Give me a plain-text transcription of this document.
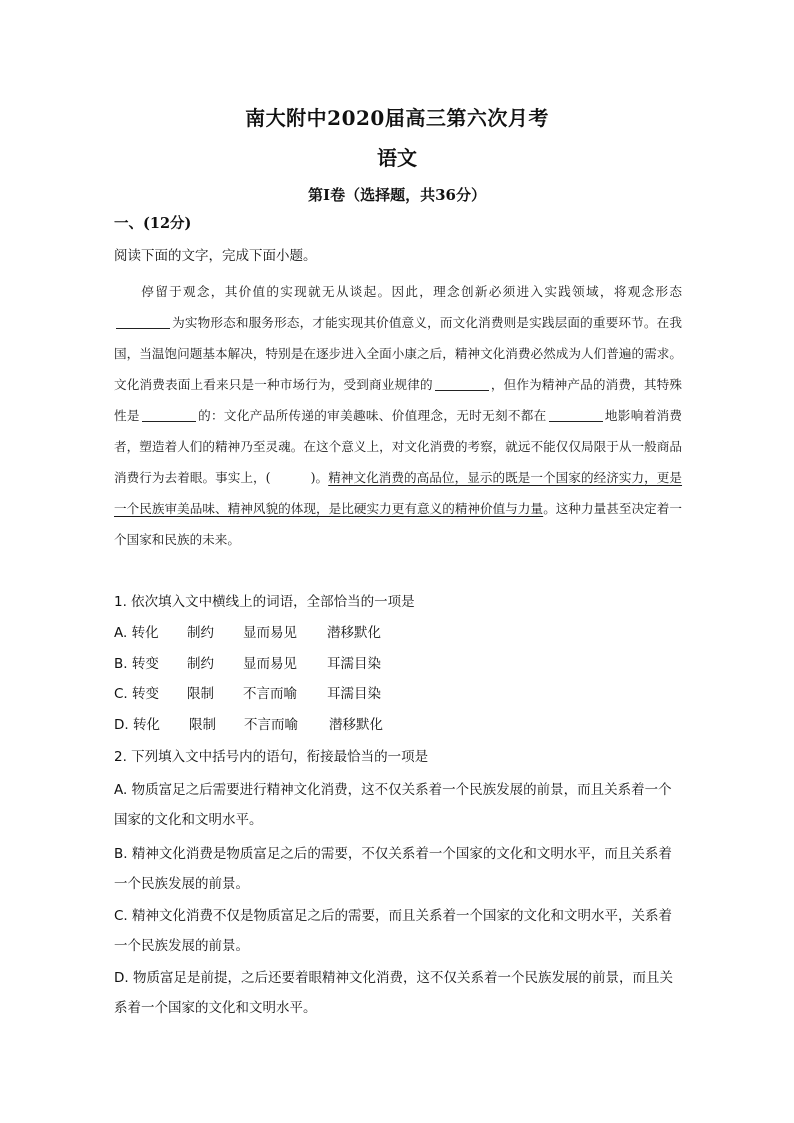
南大附中2020届高三第六次月考
语文
第Ⅰ卷（选择题，共36分）
一、(12分)
阅读下面的文字，完成下面小题。
停留于观念，其价值的实现就无从谈起。因此，理念创新必须进入实践领域，将观念形态为实物形态和服务形态，才能实现其价值意义，而文化消费则是实践层面的重要环节。在我国，当温饱问题基本解决，特别是在逐步进入全面小康之后，精神文化消费必然成为人们普遍的需求。文化消费表面上看来只是一种市场行为，受到商业规律的	，但作为精神产品的消费，其特殊性是	的：文化产品所传递的审美趣味、价值理念，无时无刻不都在	地影响着消费者，塑造着人们的精神乃至灵魂。在这个意义上，对文化消费的考察，就远不能仅仅局限于从一般商品消费行为去着眼。事实上，(	)。精神文化消费的高品位，显示的既是一个国家的经济实力，更是一个民族审美品味、精神风貌的体现，是比硬实力更有意义的精神价值与力量。这种力量甚至决定着一个国家和民族的未来。
1. 依次填入文中横线上的词语，全部恰当的一项是
A. 转化 制约 显而易见 潜移默化
B. 转变 制约 显而易见 耳濡目染
C. 转变 限制 不言而喻 耳濡目染
D. 转化 限制 不言而喻 潜移默化
2. 下列填入文中括号内的语句，衔接最恰当的一项是
A. 物质富足之后需要进行精神文化消费，这不仅关系着一个民族发展的前景，而且关系着一个国家的文化和文明水平。
B. 精神文化消费是物质富足之后的需要，不仅关系着一个国家的文化和文明水平，而且关系着一个民族发展的前景。
C. 精神文化消费不仅是物质富足之后的需要，而且关系着一个国家的文化和文明水平，关系着一个民族发展的前景。
D. 物质富足是前提，之后还要着眼精神文化消费，这不仅关系着一个民族发展的前景，而且关系着一个国家的文化和文明水平。
